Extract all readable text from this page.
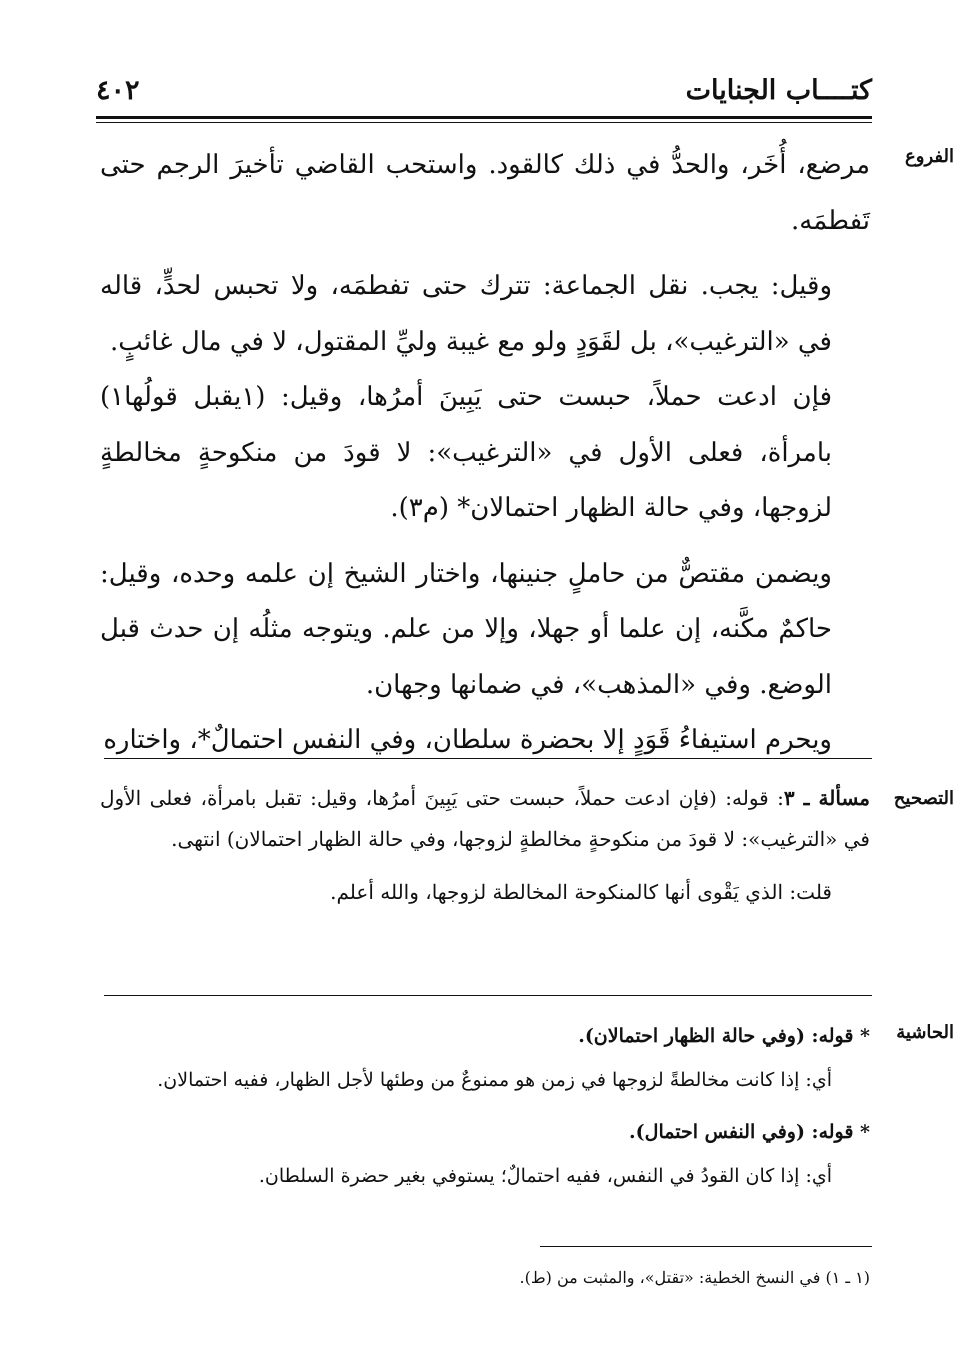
كتــــاب الجنايات
٤٠٢
الفروع

مرضع، أُخَر، والحدُّ في ذلك كالقود. واستحب القاضي تأخيرَ الرجم حتى تَفطمَه.

وقيل: يجب. نقل الجماعة: تترك حتى تفطمَه، ولا تحبس لحدٍّ، قاله في «الترغيب»، بل لقَوَدٍ ولو مع غيبة وليِّ المقتول، لا في مال غائبٍ.

فإن ادعت حملاً، حبست حتى يَبِينَ أمرُها، وقيل: (١يقبل قولُها١) بامرأة، فعلى الأول في «الترغيب»: لا قودَ من منكوحةٍ مخالطةٍ لزوجها، وفي حالة الظهار احتمالان* (م٣).

ويضمن مقتصٌّ من حاملٍ جنينها، واختار الشيخ إن علمه وحده، وقيل: حاكمٌ مكَّنه، إن علما أو جهلا، وإلا من علم. ويتوجه مثلُه إن حدث قبل الوضع. وفي «المذهب»، في ضمانها وجهان.

ويحرم استيفاءُ قَوَدٍ إلا بحضرة سلطان، وفي النفس احتمالٌ*، واختاره

التصحيح

مسألة ـ ٣: قوله: (فإن ادعت حملاً، حبست حتى يَبِينَ أمرُها، وقيل: تقبل بامرأة، فعلى الأول في «الترغيب»: لا قودَ من منكوحةٍ مخالطةٍ لزوجها، وفي حالة الظهار احتمالان) انتهى.

قلت: الذي يَقْوى أنها كالمنكوحة المخالطة لزوجها، والله أعلم.

الحاشية

* قوله: (وفي حالة الظهار احتمالان).

أي: إذا كانت مخالطةً لزوجها في زمن هو ممنوعٌ من وطئها لأجل الظهار، ففيه احتمالان.

* قوله: (وفي النفس احتمال).

أي: إذا كان القودُ في النفس، ففيه احتمالٌ؛ يستوفي بغير حضرة السلطان.

(١ ـ ١) في النسخ الخطية: «تقتل»، والمثبت من (ط).
